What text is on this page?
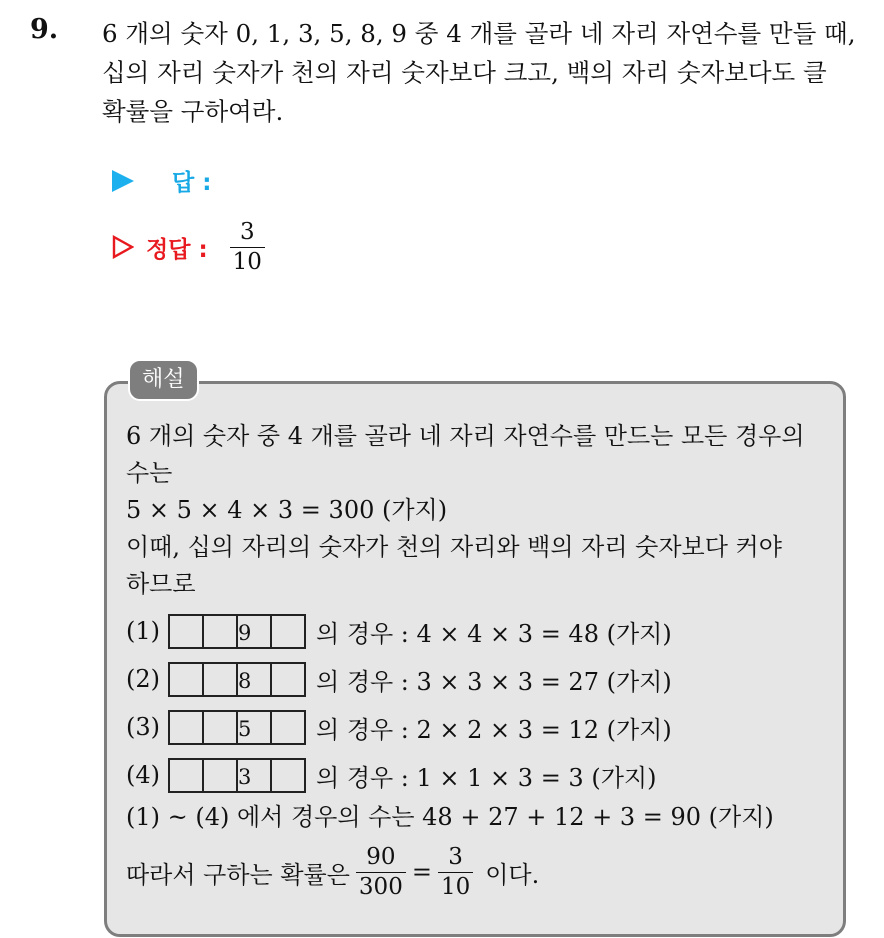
9. 6 개의 숫자 0, 1, 3, 5, 8, 9 중 4 개를 골라 네 자리 자연수를 만들 때,
십의 자리 숫자가 천의 자리 숫자보다 크고, 백의 자리 숫자보다도 클
확률을 구하여라.
답 :
정답 : $\frac{3}{10}$
해설
6 개의 숫자 중 4 개를 골라 네 자리 자연수를 만드는 모든 경우의
수는
5 × 5 × 4 × 3 = 300 (가지)
이때, 십의 자리의 숫자가 천의 자리와 백의 자리 숫자보다 커야
하므로
(1)	9	의 경우 : 4 × 4 × 3 = 48 (가지)
(2)	8	의 경우 : 3 × 3 × 3 = 27 (가지)
(3)	5	의 경우 : 2 × 2 × 3 = 12 (가지)
(4)	3	의 경우 : 1 × 1 × 3 = 3 (가지)
(1) ~ (4) 에서 경우의 수는 48 + 27 + 12 + 3 = 90 (가지)
따라서 구하는 확률은 $\frac{90}{300} = \frac{3}{10}$ 이다.
